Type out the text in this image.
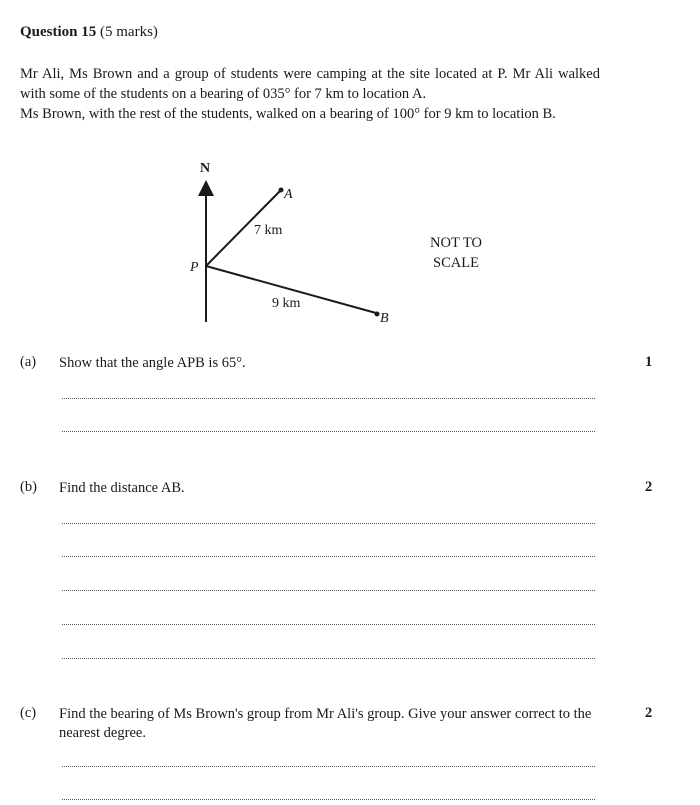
Question 15 (5 marks)

Mr Ali, Ms Brown and a group of students were camping at the site located at P. Mr Ali walked with some of the students on a bearing of 035° for 7 km to location A.

Ms Brown, with the rest of the students, walked on a bearing of 100° for 9 km to location B.

N
A
P
B
7 km
9 km
NOT TO
SCALE
(a) Show that the angle APB is 65°.	1
(b) Find the distance AB.	2
(c) Find the bearing of Ms Brown's group from Mr Ali's group. Give your answer correct to the nearest degree.
2
